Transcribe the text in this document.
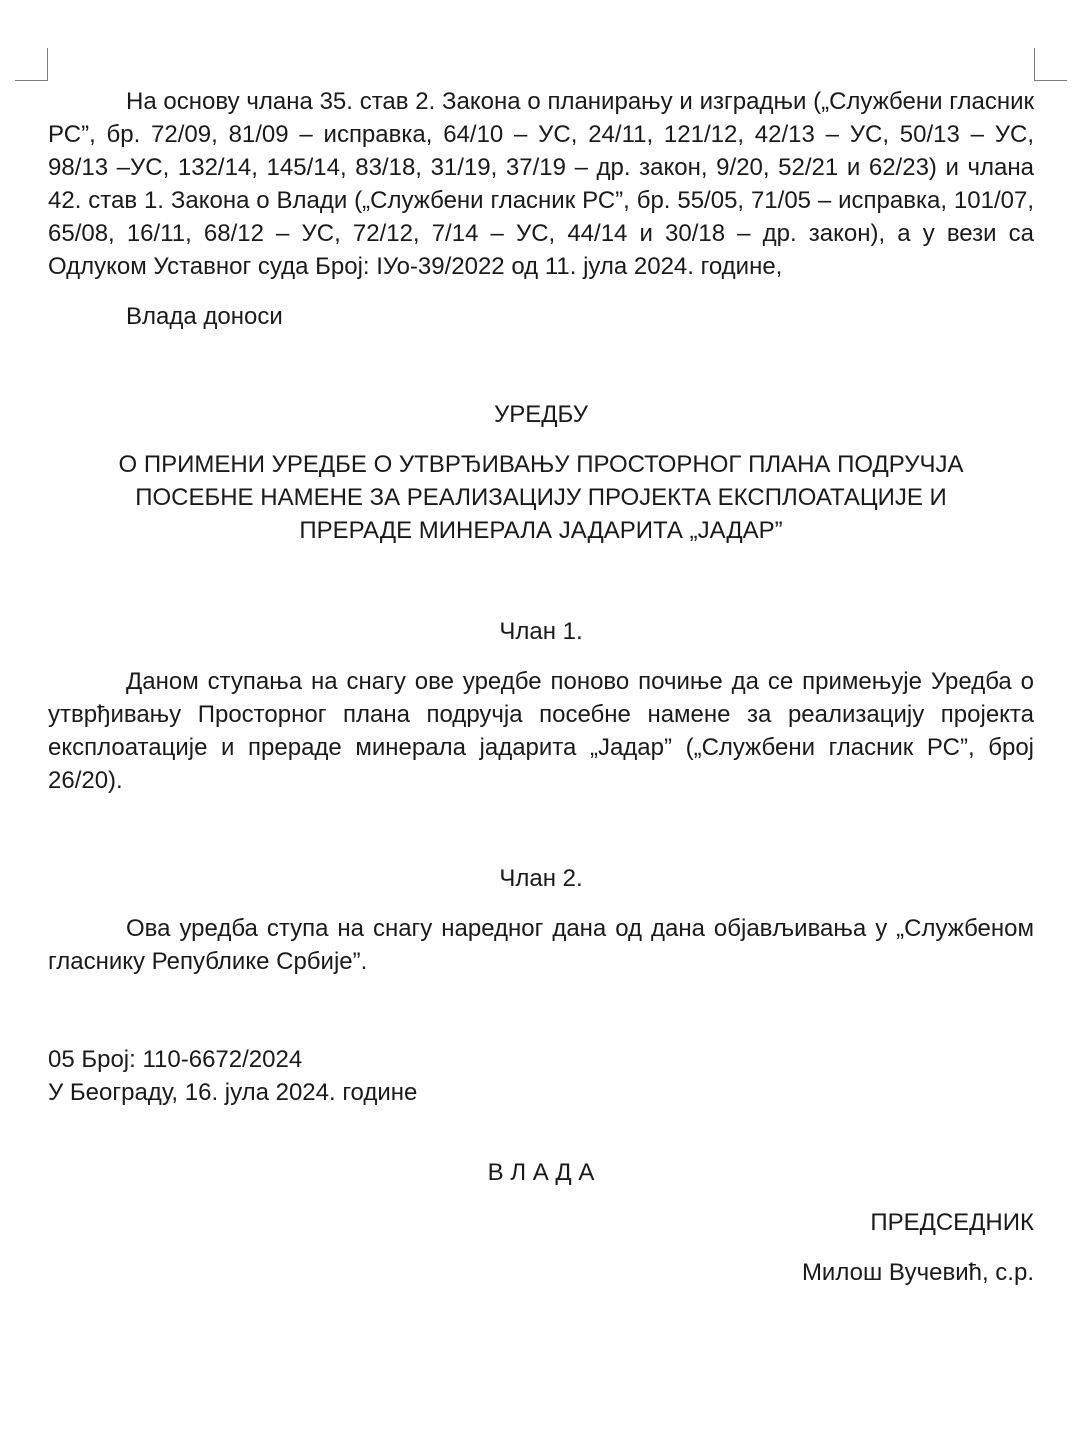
На основу члана 35. став 2. Закона о планирању и изградњи („Службени гласник РС”, бр. 72/09, 81/09 – исправка, 64/10 – УС, 24/11, 121/12, 42/13 – УС, 50/13 – УС, 98/13 –УС, 132/14, 145/14, 83/18, 31/19, 37/19 – др. закон, 9/20, 52/21 и 62/23) и члана 42. став 1. Закона о Влади („Службени гласник РС”, бр. 55/05, 71/05 – исправка, 101/07, 65/08, 16/11, 68/12 – УС, 72/12, 7/14 – УС, 44/14 и 30/18 – др. закон), а у вези са Одлуком Уставног суда Број: IУо-39/2022 од 11. јула 2024. године,

Влада доноси

УРЕДБУ

О ПРИМЕНИ УРЕДБЕ О УТВРЂИВАЊУ ПРОСТОРНОГ ПЛАНА ПОДРУЧЈА ПОСЕБНЕ НАМЕНЕ ЗА РЕАЛИЗАЦИЈУ ПРОЈЕКТА ЕКСПЛОАТАЦИЈЕ И ПРЕРАДЕ МИНЕРАЛА ЈАДАРИТА „ЈАДАР”

Члан 1.

Даном ступања на снагу ове уредбе поново почиње да се примењује Уредба о утврђивању Просторног плана подручја посебне намене за реализацију пројекта експлоатације и прераде минерала јадарита „Јадар” („Службени гласник РС”, број 26/20).

Члан 2.

Ова уредба ступа на снагу наредног дана од дана објављивања у „Службеном гласнику Републике Србије”.

05 Број: 110-6672/2024

У Београду, 16. јула 2024. године

В Л А Д А

ПРЕДСЕДНИК

Милош Вучевић, с.р.
